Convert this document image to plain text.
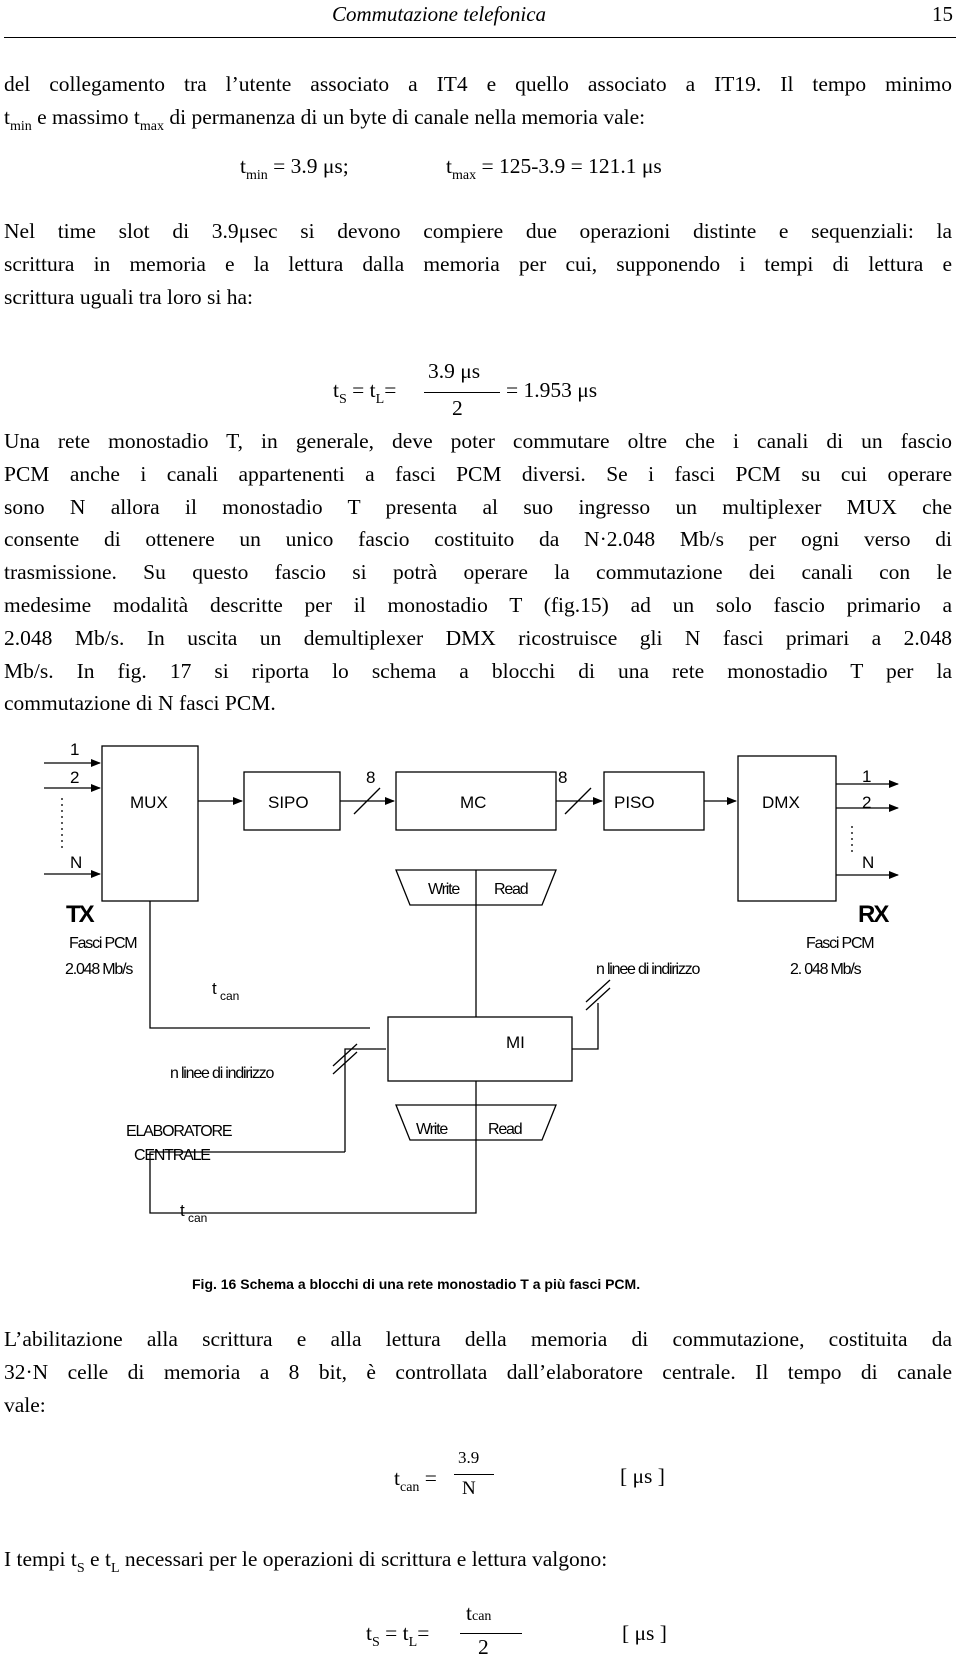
Commutazione telefonica	15
del collegamento tra l’utente associato a IT4 e quello associato a IT19. Il tempo minimo
$t_{min}$ e massimo $t_{max}$ di permanenza di un byte di canale nella memoria vale:
$t_{min} = 3.9$ μs;	$t_{max} = 125-3.9 = 121.1$ μs
Nel time slot di 3.9μsec si devono compiere due operazioni distinte e sequenziali: la
scrittura in memoria e la lettura dalla memoria per cui, supponendo i tempi di lettura e
scrittura uguali tra loro si ha:
$t_S = t_L=$
3.9 μs
2
= 1.953 μs
Una rete monostadio T, in generale, deve poter commutare oltre che i canali di un fascio
PCM anche i canali appartenenti a fasci PCM diversi. Se i fasci PCM su cui operare
sono N allora il monostadio T presenta al suo ingresso un multiplexer MUX che
consente di ottenere un unico fascio costituito da N·2.048 Mb/s per ogni verso di
trasmissione. Su questo fascio si potrà operare la commutazione dei canali con le
medesime modalità descritte per il monostadio T (fig.15) ad un solo fascio primario a
2.048 Mb/s. In uscita un demultiplexer DMX ricostruisce gli N fasci primari a 2.048
Mb/s. In fig. 17 si riporta lo schema a blocchi di una rete monostadio T per la
commutazione di N fasci PCM.
1
2
N
MUX	SIPO	MC	PISO	DMX
8	8	1
2
N
MI
Write Read
Fasci PCM
2.048 Mb/s
Fasci PCM
2. 048 Mb/s
n linee di indirizzo
n linee di indirizzo
ELABORATORE
CENTRALE
Write	Read
TX	RX
t can
t can
Fig. 16 Schema a blocchi di una rete monostadio T a più fasci PCM.
L’abilitazione alla scrittura e alla lettura della memoria di commutazione, costituita da
32·N celle di memoria a 8 bit, è controllata dall’elaboratore centrale. Il tempo di canale
vale:
$t_{can}$ =
3.9
N
[ μs ]
I tempi $t_S$ e $t_L$ necessari per le operazioni di scrittura e lettura valgono:
$t_S = t_L=$
tcan
2
[ μs ]
